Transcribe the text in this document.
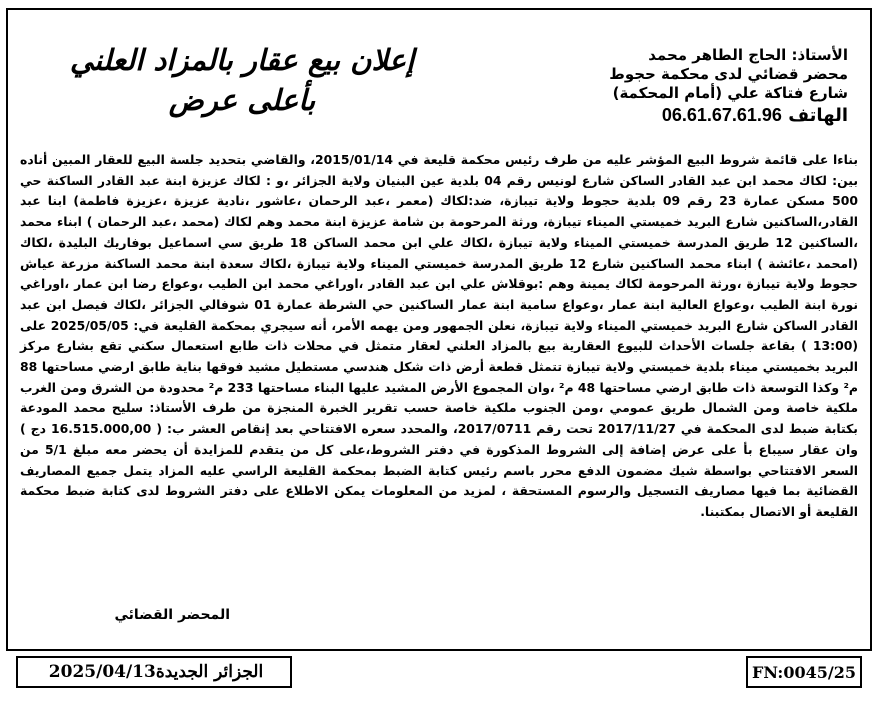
إعلان بيع عقار بالمزاد العلني
بأعلى عرض
الأستاذ: الحاج الطاهر محمد
محضر قضائي لدى محكمة حجوط
شارع فتاكة علي (أمام المحكمة)
الهاتف 06.61.67.61.96

بناءا على قائمة شروط البيع المؤشر عليه من طرف رئيس محكمة قليعة في 2015/01/14، والقاضي بتحديد جلسة البيع للعقار المبين أناده بين: لكاك محمد ابن عبد القادر الساكن شارع لونيس رقم 04 بلدية عين البنيان ولاية الجزائر ،و : لكاك عزيزة ابنة عبد القادر الساكنة حي 500 مسكن عمارة 23 رقم 09 بلدية حجوط ولاية تيبازة، ضد:لكاك (معمر ،عبد الرحمان ،عاشور ،نادية عزيزة ،عزيزة فاطمة) ابنا عبد القادر،الساكنين شارع البريد خميستي الميناء تيبازة، ورثة المرحومة بن شامة عزيزة ابنة محمد وهم لكاك (محمد ،عبد الرحمان ) ابناء محمد ،الساكنين 12 طريق المدرسة خميستي الميناء ولاية تيبازة ،لكاك علي ابن محمد الساكن 18 طريق سي اسماعيل بوفاريك البليدة ،لكاك (امحمد ،عائشة ) ابناء محمد الساكنين شارع 12 طريق المدرسة خميستي الميناء ولاية تيبازة ،لكاك سعدة ابنة محمد الساكنة مزرعة عياش حجوط ولاية تيبازة ،ورثة المرحومة لكاك يمينة وهم :بوقلاش علي ابن عبد القادر ،اوراغي محمد ابن الطيب ،وعواع رضا ابن عمار ،اوراغي نورة ابنة الطيب ،وعواع العالية ابنة عمار ،وعواع سامية ابنة عمار الساكنين حي الشرطة عمارة 01 شوفالي الجزائر ،لكاك فيصل ابن عبد القادر الساكن شارع البريد خميستي الميناء ولاية تيبازة، نعلن الجمهور ومن يهمه الأمر، أنه سيجري بمحكمة القليعة في: 2025/05/05 على (13:00 ) بقاعة جلسات الأحداث للبيوع العقارية بيع بالمزاد العلني لعقار متمثل في محلات ذات طابع استعمال سكني تقع بشارع مركز البريد بخميستي ميناء بلدية خميستي ولاية تيبازة تتمثل قطعة أرض ذات شكل هندسي مستطيل مشيد فوقها بناية طابق ارضي مساحتها 88 م² وكذا التوسعة ذات طابق ارضي مساحتها 48 م² ،وان المجموع الأرض المشيد عليها البناء مساحتها 233 م² محدودة من الشرق ومن الغرب ملكية خاصة ومن الشمال طريق عمومي ،ومن الجنوب ملكية خاصة حسب تقرير الخبرة المنجزة من طرف الأستاذ: سليح محمد المودعة بكتابة ضبط لدى المحكمة في 2017/11/27 تحت رقم 2017/0711، والمحدد سعره الافتتاحي بعد إنقاص العشر ب: ( 16.515.000,00 دج ) وان عقار سيباع بأ على عرض إضافة إلى الشروط المذكورة في دفتر الشروط،على كل من يتقدم للمزايدة أن يحضر معه مبلغ 5/1 من السعر الافتتاحي بواسطة شيك مضمون الدفع محرر باسم رئيس كتابة الضبط بمحكمة القليعة الراسي عليه المزاد يتمل جميع المصاريف القضائية بما فيها مصاريف التسجيل والرسوم المستحقة ، لمزيد من المعلومات يمكن الاطلاع على دفتر الشروط لدى كتابة ضبط محكمة القليعة أو الاتصال بمكتبنا.

المحضر القضائي
الجزائر الجديدة
2025/04/13	FN:0045/25
